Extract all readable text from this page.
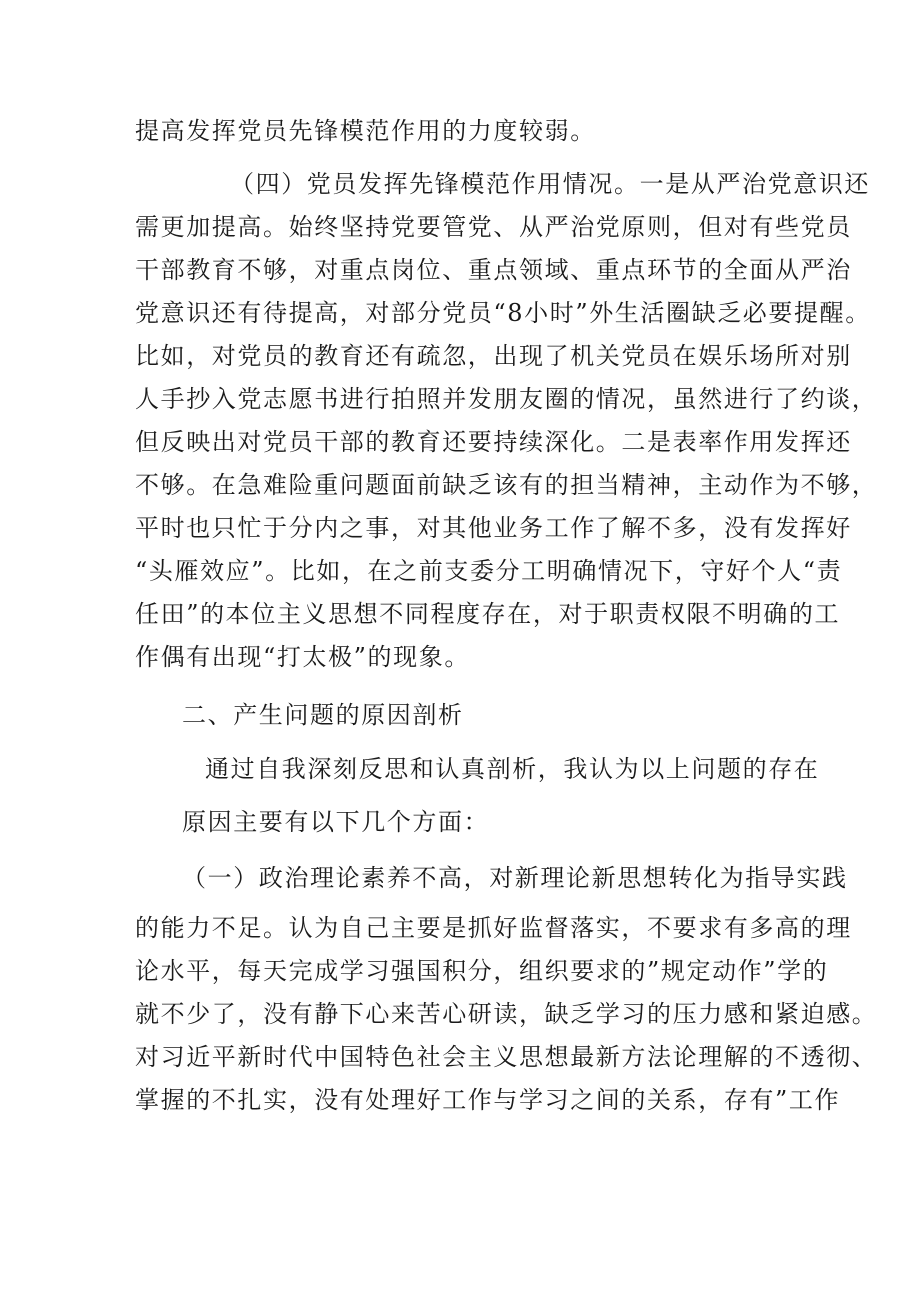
提高发挥党员先锋模范作用的力度较弱。
（四）党员发挥先锋模范作用情况。一是从严治党意识还
需更加提高。始终坚持党要管党、从严治党原则，但对有些党员
干部教育不够，对重点岗位、重点领域、重点环节的全面从严治
党意识还有待提高，对部分党员“8小时”外生活圈缺乏必要提醒。
比如，对党员的教育还有疏忽，出现了机关党员在娱乐场所对别
人手抄入党志愿书进行拍照并发朋友圈的情况，虽然进行了约谈，
但反映出对党员干部的教育还要持续深化。二是表率作用发挥还
不够。在急难险重问题面前缺乏该有的担当精神，主动作为不够，
平时也只忙于分内之事，对其他业务工作了解不多，没有发挥好
“头雁效应”。比如，在之前支委分工明确情况下，守好个人“责
任田”的本位主义思想不同程度存在，对于职责权限不明确的工
作偶有出现“打太极”的现象。
二、产生问题的原因剖析
通过自我深刻反思和认真剖析，我认为以上问题的存在
原因主要有以下几个方面：
（一）政治理论素养不高，对新理论新思想转化为指导实践
的能力不足。认为自己主要是抓好监督落实，不要求有多高的理
论水平，每天完成学习强国积分，组织要求的”规定动作”学的
就不少了，没有静下心来苦心研读，缺乏学习的压力感和紧迫感。
对习近平新时代中国特色社会主义思想最新方法论理解的不透彻、
掌握的不扎实，没有处理好工作与学习之间的关系，存有”工作
